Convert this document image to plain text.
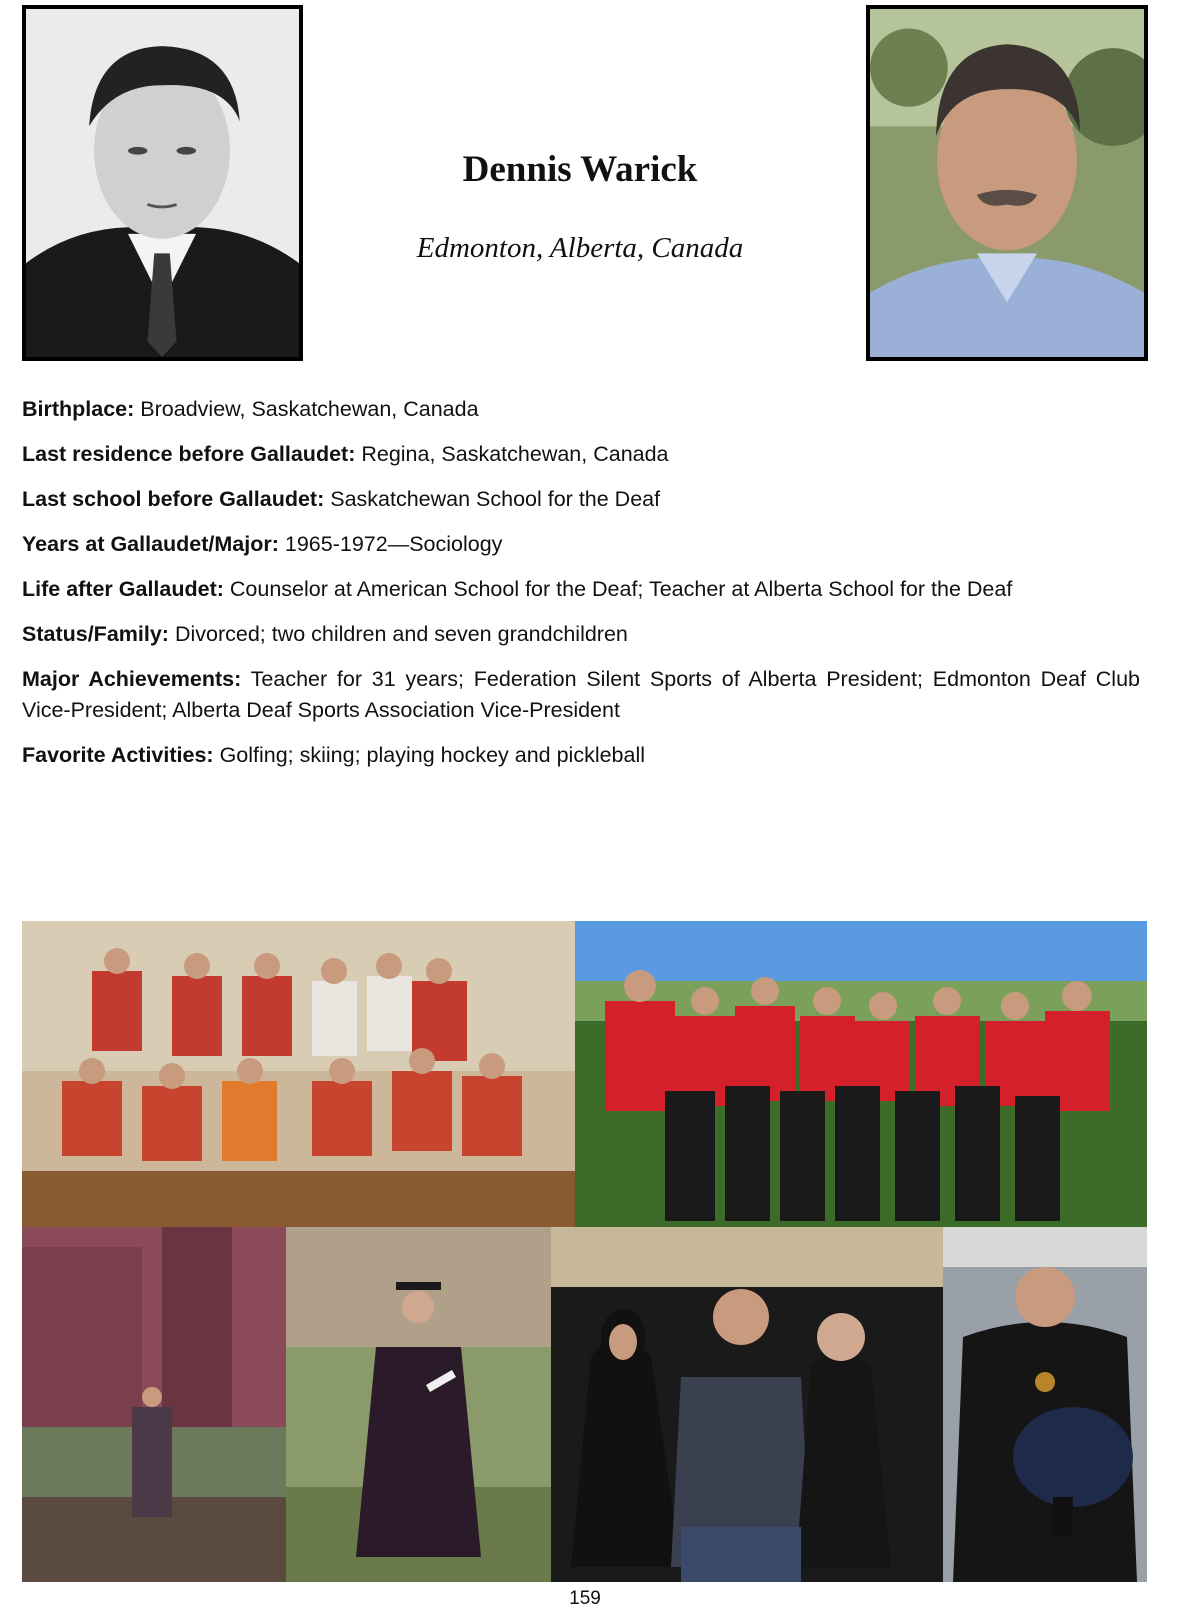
Dennis Warick
Edmonton, Alberta, Canada

Birthplace: Broadview, Saskatchewan, Canada

Last residence before Gallaudet: Regina, Saskatchewan, Canada

Last school before Gallaudet: Saskatchewan School for the Deaf

Years at Gallaudet/Major: 1965-1972—Sociology

Life after Gallaudet: Counselor at American School for the Deaf; Teacher at Alberta School for the Deaf

Status/Family: Divorced; two children and seven grandchildren

Major Achievements: Teacher for 31 years; Federation Silent Sports of Alberta President; Edmonton Deaf Club Vice-President; Alberta Deaf Sports Association Vice-President

Favorite Activities: Golfing; skiing; playing hockey and pickleball

159
